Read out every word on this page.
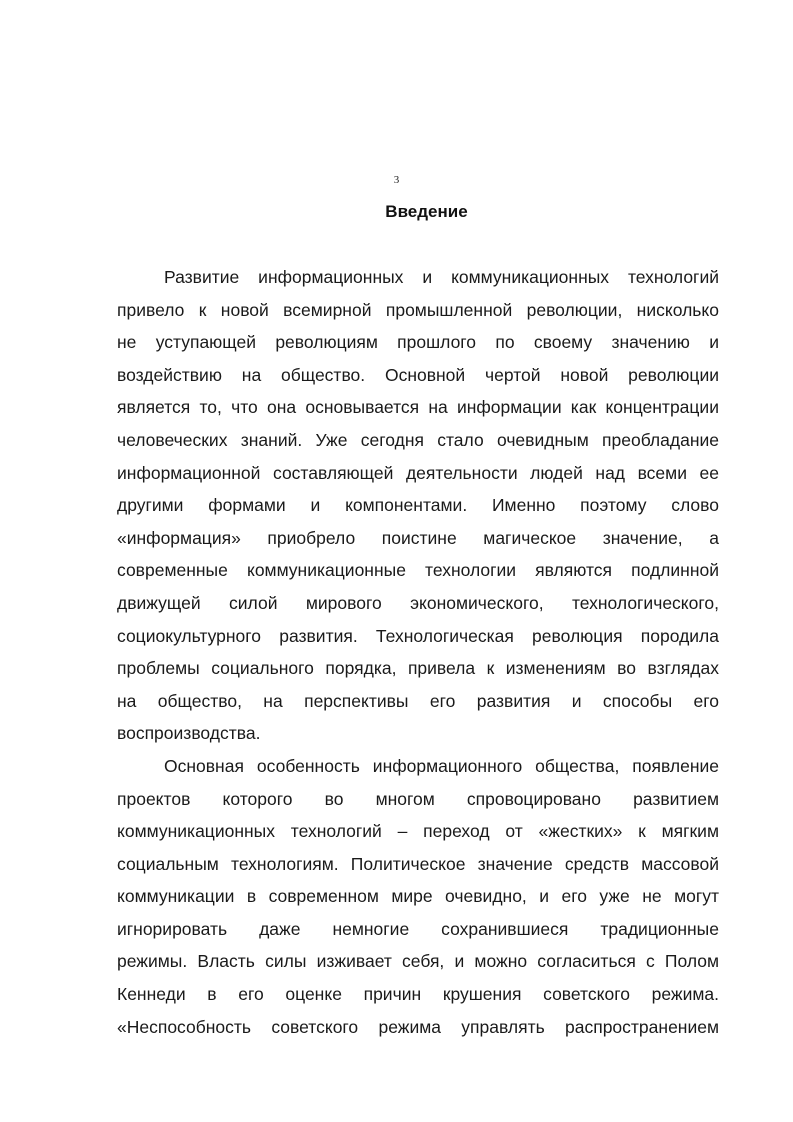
3
Введение
Развитие информационных и коммуникационных технологий
привело к новой всемирной промышленной революции, нисколько
не уступающей революциям прошлого по своему значению и
воздействию на общество. Основной чертой новой революции
является то, что она основывается на информации как концентрации
человеческих знаний. Уже сегодня стало очевидным преобладание
информационной составляющей деятельности людей над всеми ее
другими формами и компонентами. Именно поэтому слово
«информация» приобрело поистине магическое значение, а
современные коммуникационные технологии являются подлинной
движущей силой мирового экономического, технологического,
социокультурного развития. Технологическая революция породила
проблемы социального порядка, привела к изменениям во взглядах
на общество, на перспективы его развития и способы его
воспроизводства.
Основная особенность информационного общества, появление
проектов которого во многом спровоцировано развитием
коммуникационных технологий – переход от «жестких» к мягким
социальным технологиям. Политическое значение средств массовой
коммуникации в современном мире очевидно, и его уже не могут
игнорировать даже немногие сохранившиеся традиционные
режимы. Власть силы изживает себя, и можно согласиться с Полом
Кеннеди в его оценке причин крушения советского режима.
«Неспособность советского режима управлять распространением
